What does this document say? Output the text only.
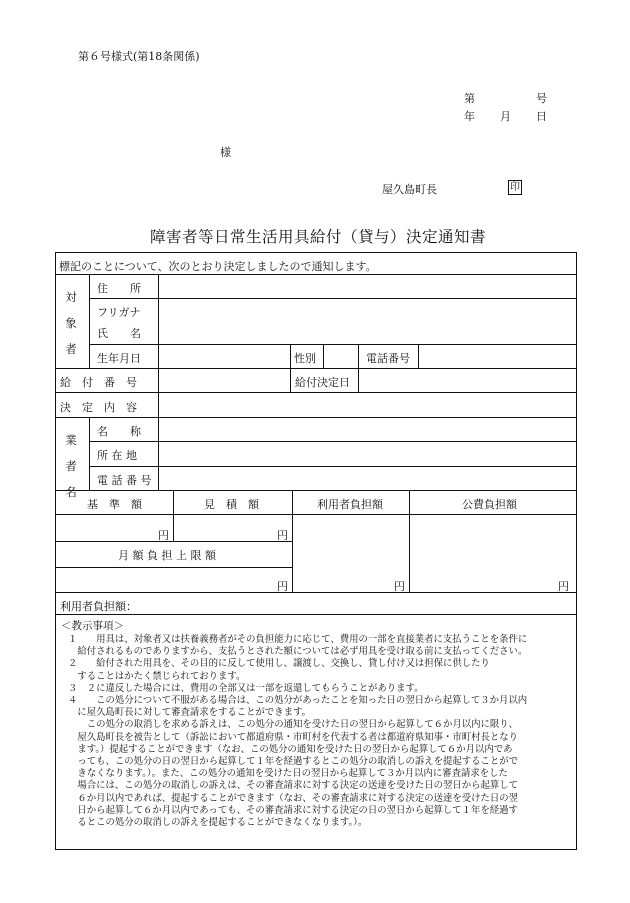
第６号様式(第18条関係)
第	号
年 月 日
様
屋久島町長	印
障害者等日常生活用具給付（貸与）決定通知書
標記のことについて、次のとおり決定しましたので通知します。
対
象
者
住　　所
フリガナ
氏　　名
生年月日	性別	電話番号
給　付　番　号	給付決定日
決　定　内　容
業
者
名
名　　称
所 在 地
電 話 番 号
基　準　額	見　積　額	利用者負担額	公費負担額
円	円
月 額 負 担 上 限 額
円	円	円
利用者負担額：
＜教示事項＞
１　　用具は、対象者又は扶養義務者がその負担能力に応じて、費用の一部を直接業者に支払うことを条件に
　給付されるものでありますから、支払うとされた額については必ず用具を受け取る前に支払ってください。
２　　給付された用具を、その目的に反して使用し、譲渡し、交換し、貸し付け又は担保に供したり
　することはかたく禁じられております。
３　２に違反した場合には、費用の全部又は一部を返還してもらうことがあります。
４　　この処分について不服がある場合は、この処分があったことを知った日の翌日から起算して３か月以内
　に屋久島町長に対して審査請求をすることができます。
　　この処分の取消しを求める訴えは、この処分の通知を受けた日の翌日から起算して６か月以内に限り、
　屋久島町長を被告として（訴訟において都道府県・市町村を代表する者は都道府県知事・市町村長となり
　ます。）提起することができます（なお、この処分の通知を受けた日の翌日から起算して６か月以内であ
　っても、この処分の日の翌日から起算して１年を経過するとこの処分の取消しの訴えを提起することがで
　きなくなります。）。また、この処分の通知を受けた日の翌日から起算して３か月以内に審査請求をした
　場合には、この処分の取消しの訴えは、その審査請求に対する決定の送達を受けた日の翌日から起算して
　６か月以内であれば、提起することができます（なお、その審査請求に対する決定の送達を受けた日の翌
　日から起算して６か月以内であっても、その審査請求に対する決定の日の翌日から起算して１年を経過す
　るとこの処分の取消しの訴えを提起することができなくなります。）。
